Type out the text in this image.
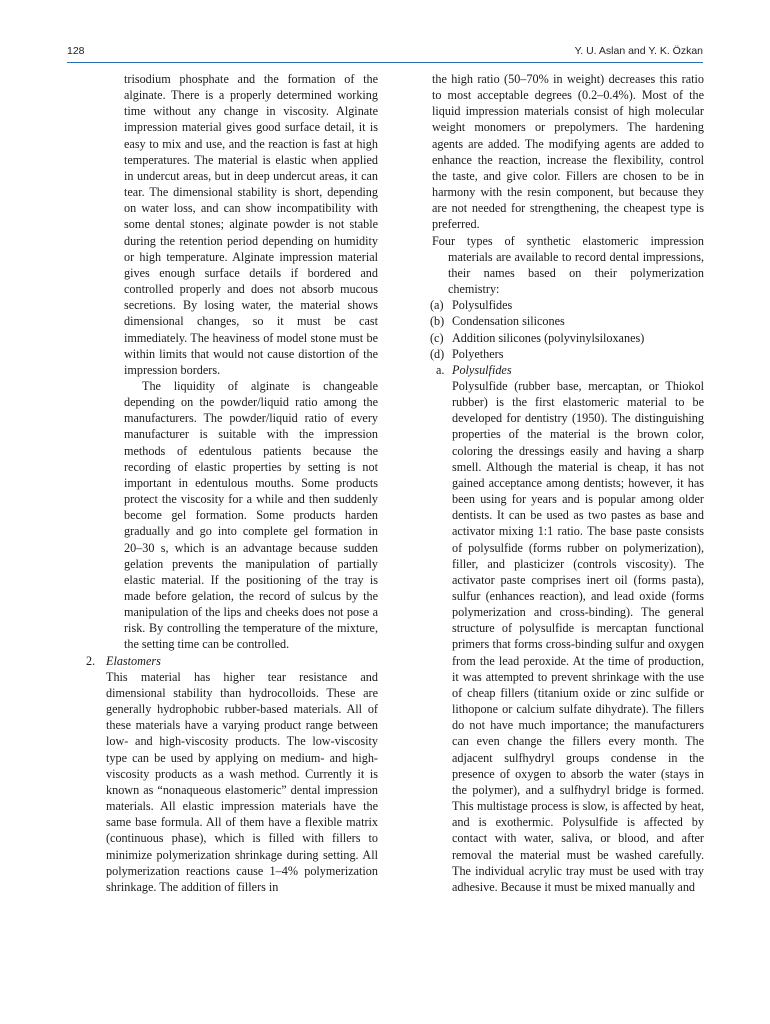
128	Y. U. Aslan and Y. K. Özkan

trisodium phosphate and the formation of the alginate. There is a properly determined working time without any change in viscosity. Alginate impression material gives good surface detail, it is easy to mix and use, and the reaction is fast at high temperatures. The material is elastic when applied in undercut areas, but in deep undercut areas, it can tear. The dimensional stability is short, depending on water loss, and can show incompatibility with some dental stones; alginate powder is not stable during the retention period depending on humidity or high temperature. Alginate impression material gives enough surface details if bordered and controlled properly and does not absorb mucous secretions. By losing water, the material shows dimensional changes, so it must be cast immediately. The heaviness of model stone must be within limits that would not cause distortion of the impression borders.

The liquidity of alginate is changeable depending on the powder/liquid ratio among the manufacturers. The powder/liquid ratio of every manufacturer is suitable with the impression methods of edentulous patients because the recording of elastic properties by setting is not important in edentulous mouths. Some products protect the viscosity for a while and then suddenly become gel formation. Some products harden gradually and go into complete gel formation in 20–30 s, which is an advantage because sudden gelation prevents the manipulation of partially elastic material. If the positioning of the tray is made before gelation, the record of sulcus by the manipulation of the lips and cheeks does not pose a risk. By controlling the temperature of the mixture, the setting time can be controlled.

2. Elastomers

This material has higher tear resistance and dimensional stability than hydrocolloids. These are generally hydrophobic rubber-based materials. All of these materials have a varying product range between low- and high-viscosity products. The low-viscosity type can be used by applying on medium- and high-viscosity products as a wash method. Currently it is known as “nonaqueous elastomeric” dental impression materials. All elastic impression materials have the same base formula. All of them have a flexible matrix (continuous phase), which is filled with fillers to minimize polymerization shrinkage during setting. All polymerization reactions cause 1–4% polymerization shrinkage. The addition of fillers in

the high ratio (50–70% in weight) decreases this ratio to most acceptable degrees (0.2–0.4%). Most of the liquid impression materials consist of high molecular weight monomers or prepolymers. The hardening agents are added. The modifying agents are added to enhance the reaction, increase the flexibility, control the taste, and give color. Fillers are chosen to be in harmony with the resin component, but because they are not needed for strengthening, the cheapest type is preferred.

Four types of synthetic elastomeric impression materials are available to record dental impressions, their names based on their polymerization chemistry:

(a) Polysulfides

(b) Condensation silicones

(c) Addition silicones (polyvinylsiloxanes)

(d) Polyethers

a. Polysulfides

Polysulfide (rubber base, mercaptan, or Thiokol rubber) is the first elastomeric material to be developed for dentistry (1950). The distinguishing properties of the material is the brown color, coloring the dressings easily and having a sharp smell. Although the material is cheap, it has not gained acceptance among dentists; however, it has been using for years and is popular among older dentists. It can be used as two pastes as base and activator mixing 1:1 ratio. The base paste consists of polysulfide (forms rubber on polymerization), filler, and plasticizer (controls viscosity). The activator paste comprises inert oil (forms pasta), sulfur (enhances reaction), and lead oxide (forms polymerization and cross-binding). The general structure of polysulfide is mercaptan functional primers that forms cross-binding sulfur and oxygen from the lead peroxide. At the time of production, it was attempted to prevent shrinkage with the use of cheap fillers (titanium oxide or zinc sulfide or lithopone or calcium sulfate dihydrate). The fillers do not have much importance; the manufacturers can even change the fillers every month. The adjacent sulfhydryl groups condense in the presence of oxygen to absorb the water (stays in the polymer), and a sulfhydryl bridge is formed. This multistage process is slow, is affected by heat, and is exothermic. Polysulfide is affected by contact with water, saliva, or blood, and after removal the material must be washed carefully. The individual acrylic tray must be used with tray adhesive. Because it must be mixed manually and
